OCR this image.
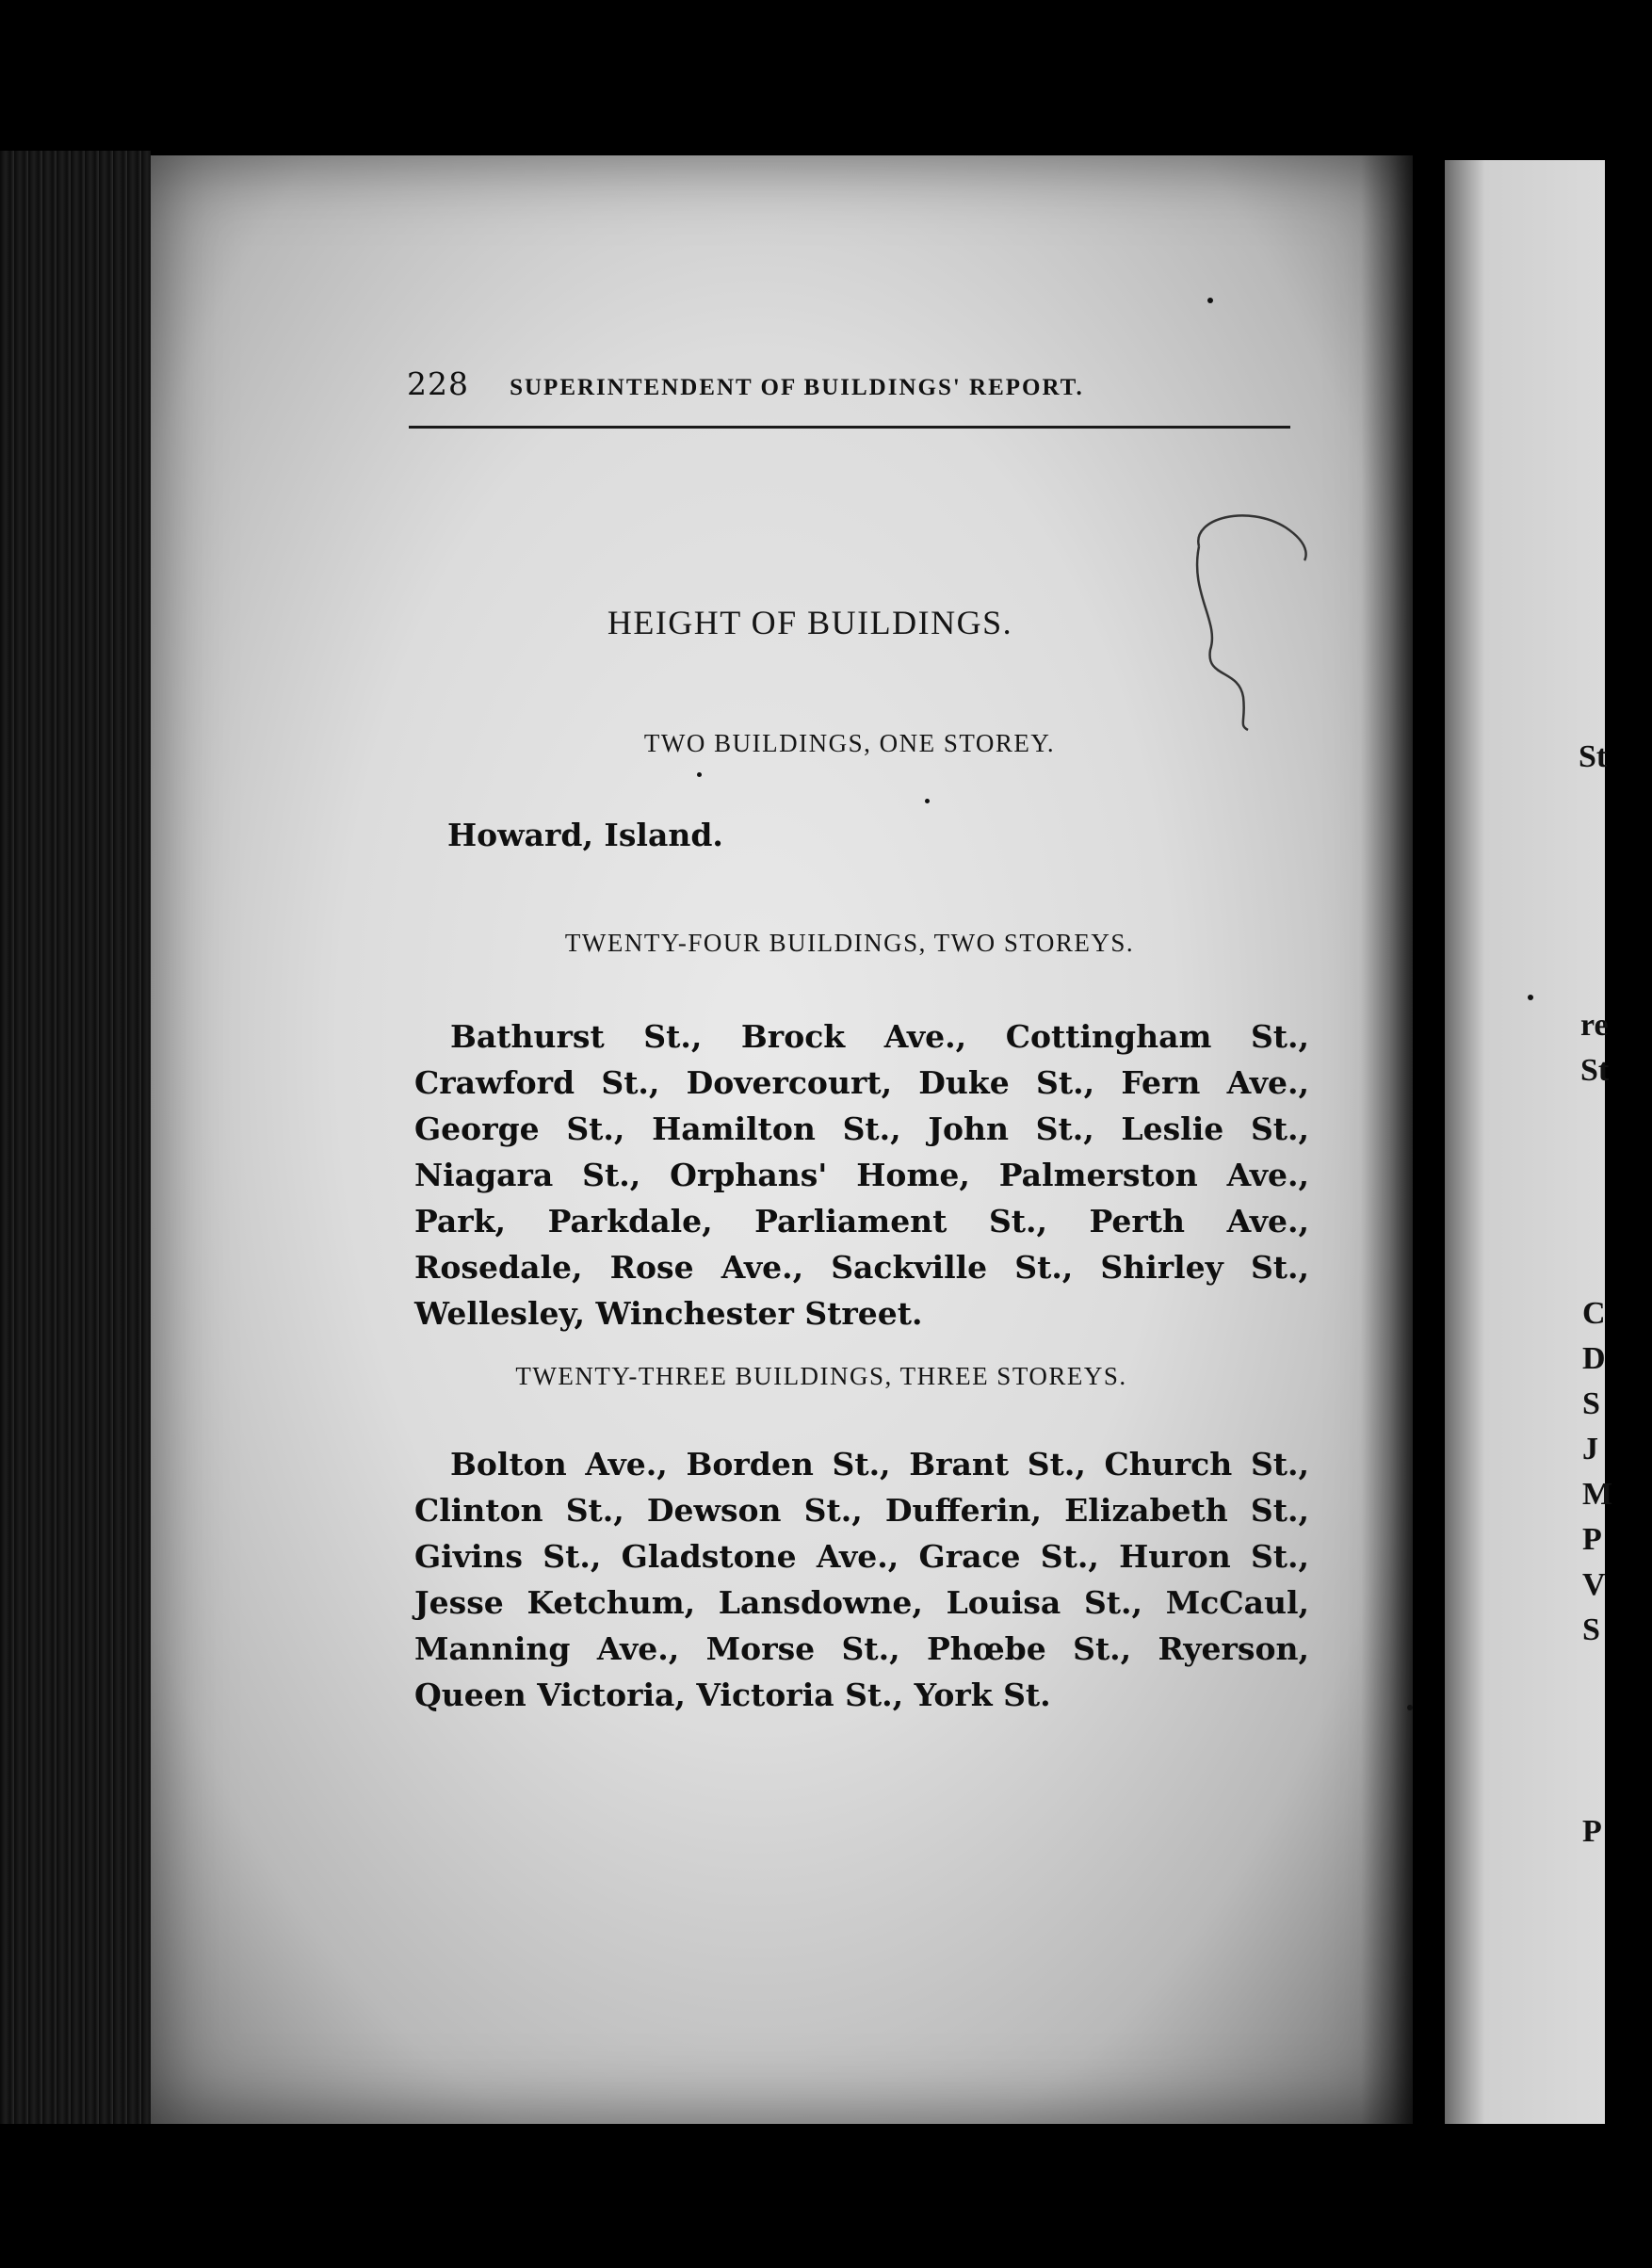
228 SUPERINTENDENT OF BUILDINGS' REPORT.
HEIGHT OF BUILDINGS.
TWO BUILDINGS, ONE STOREY.
Howard, Island.
TWENTY-FOUR BUILDINGS, TWO STOREYS.
Bathurst St., Brock Ave., Cottingham St., Crawford St., Dovercourt, Duke St., Fern Ave., George St., Hamilton St., John St., Leslie St., Niagara St., Orphans' Home, Palmerston Ave., Park, Parkdale, Parliament St., Perth Ave., Rosedale, Rose Ave., Sackville St., Shirley St., Wellesley, Winchester Street.
TWENTY-THREE BUILDINGS, THREE STOREYS.
Bolton Ave., Borden St., Brant St., Church St., Clinton St., Dewson St., Dufferin, Elizabeth St., Givins St., Gladstone Ave., Grace St., Huron St., Jesse Ketchum, Lansdowne, Louisa St., McCaul, Manning Ave., Morse St., Phœbe St., Ryerson, Queen Victoria, Victoria St., York St.
St
re
St
C
D
S
J
M
P
V
S
P
